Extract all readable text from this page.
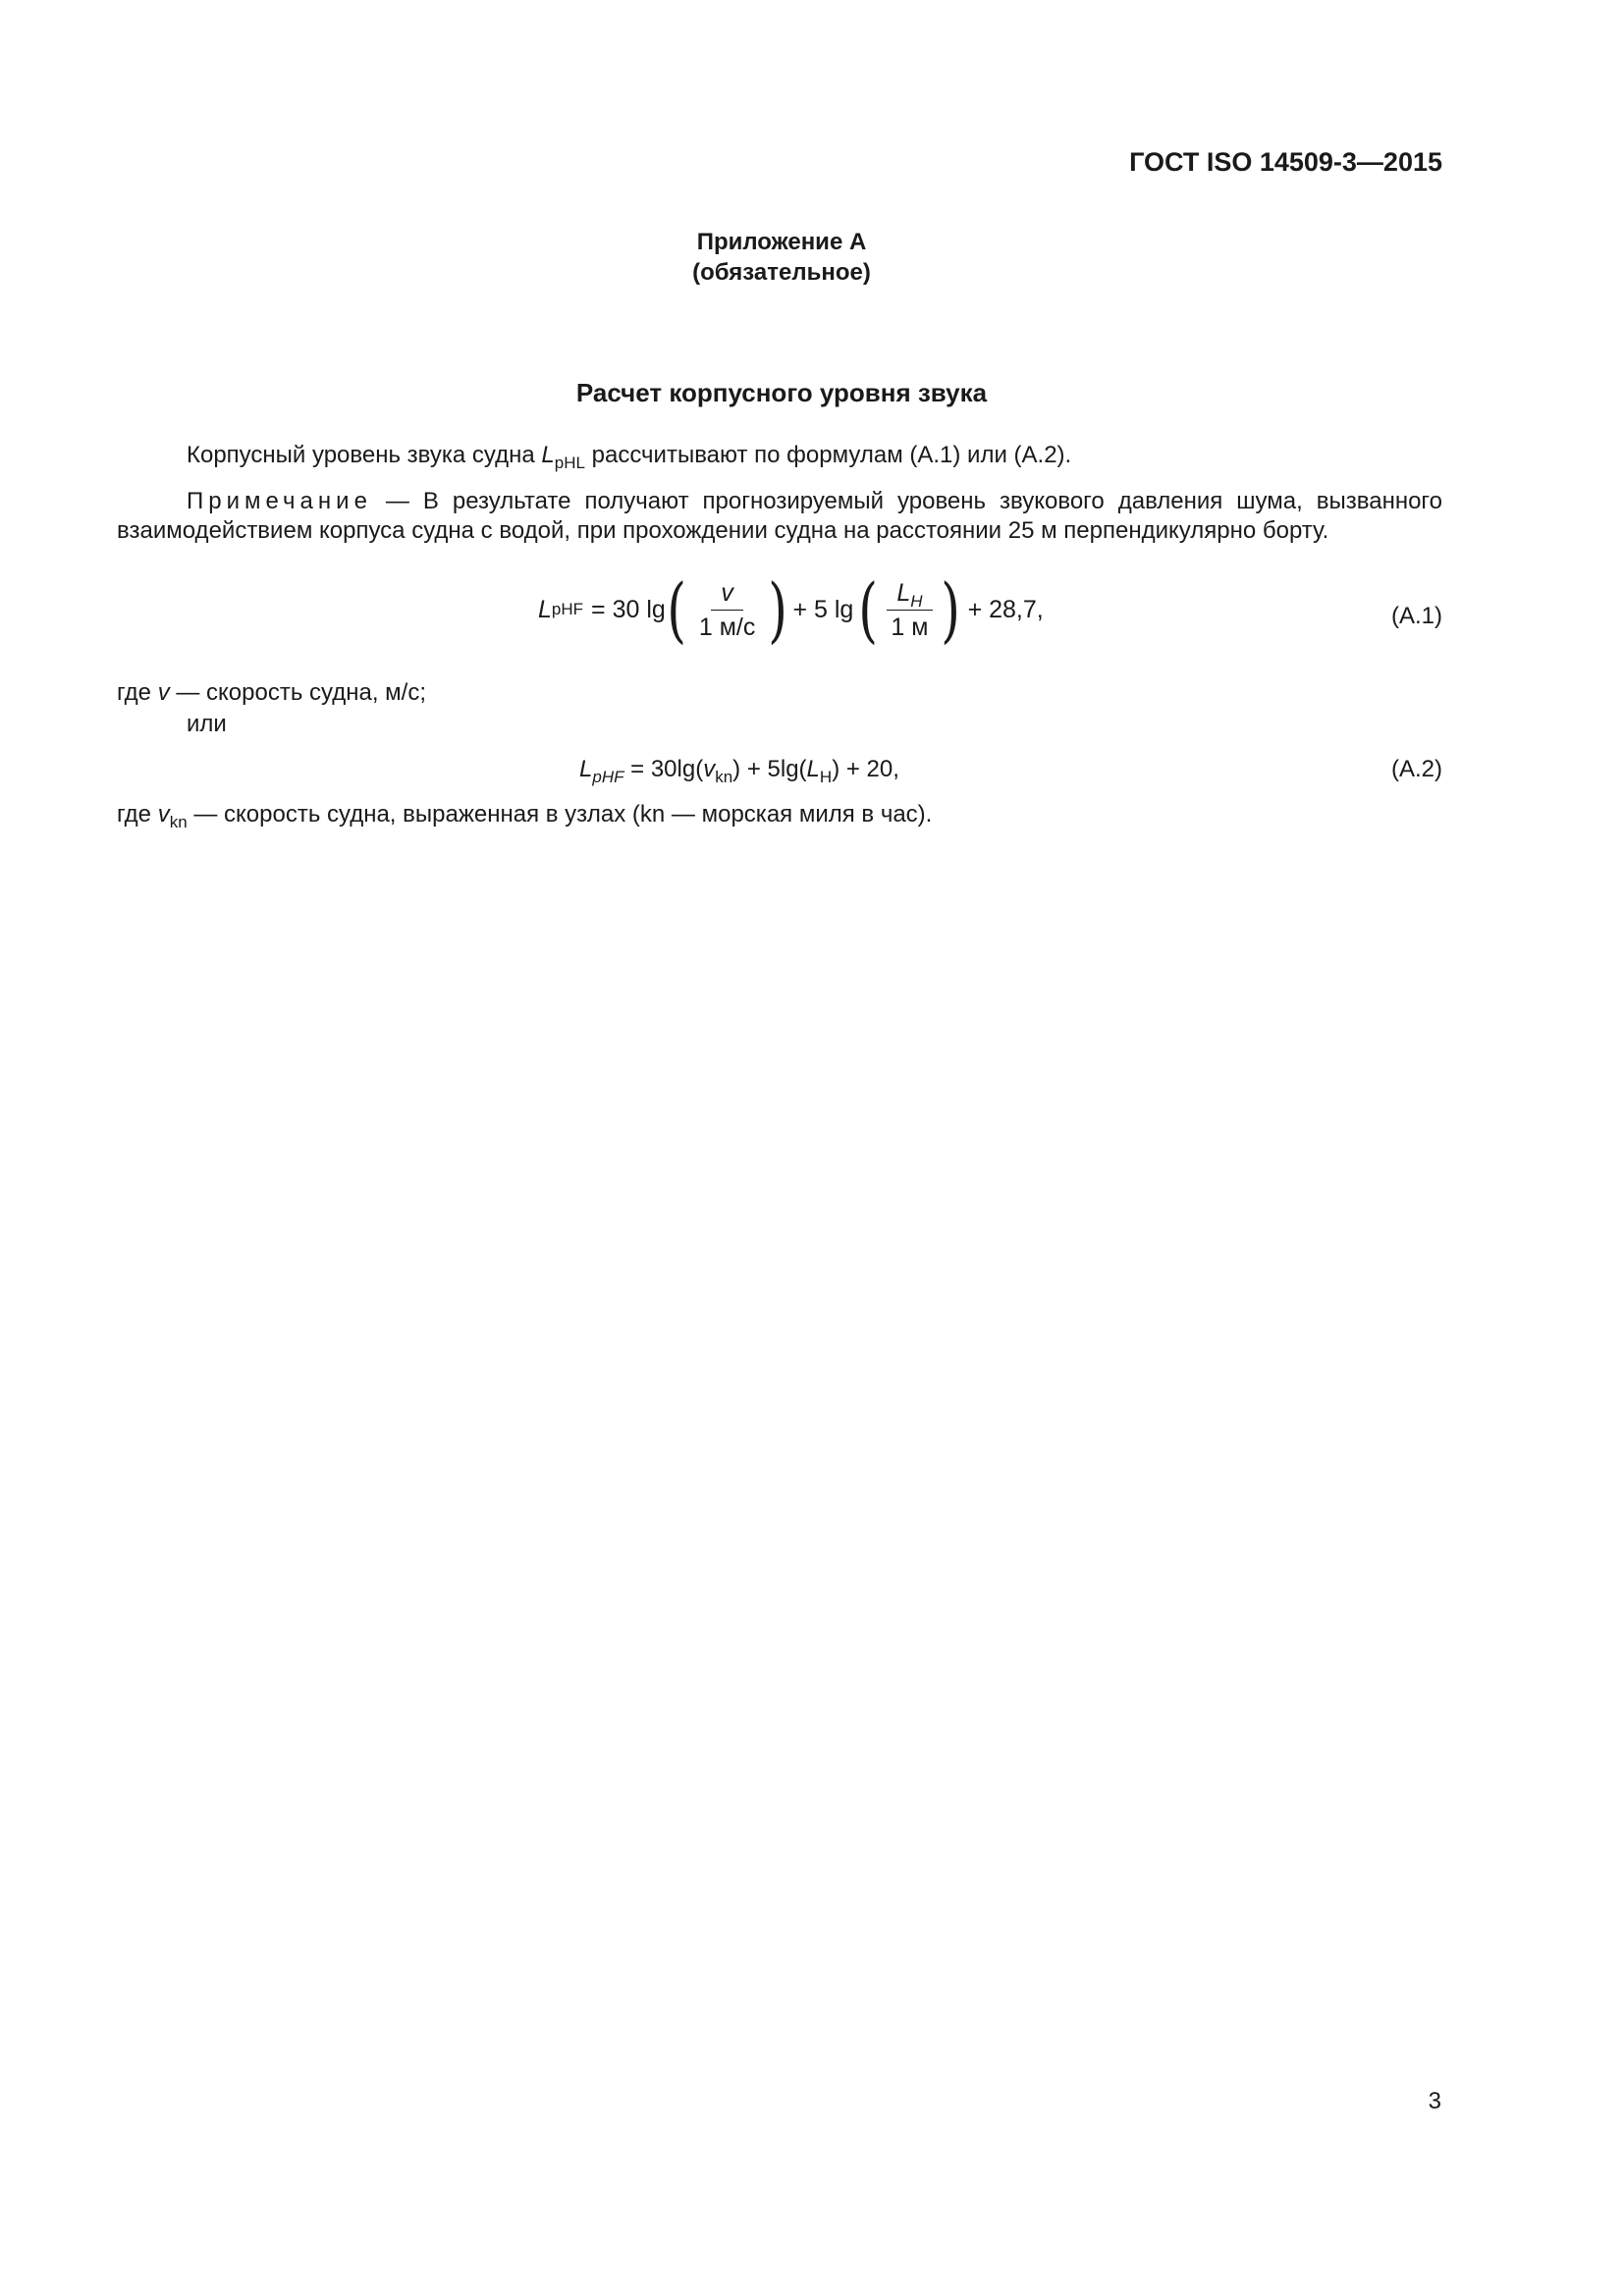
ГОСТ ISO 14509-3—2015
Приложение А
(обязательное)
Расчет корпусного уровня звука
Корпусный уровень звука судна $L_{pHL}$ рассчитывают по формулам (А.1) или (А.2).
Примечание — В результате получают прогнозируемый уровень звукового давления шума, вызванного
взаимодействием корпуса судна с водой, при прохождении судна на расстоянии 25 м перпендикулярно борту.
L pHF = 30 lg ( $\frac{v}{1 м/с}$ ) + 5 lg ( $\frac{L_H}{1 м}$ ) + 28,7,	(А.1)
где v — скорость судна, м/с;
или
$L_{pHF} = 30\lg(v_{kn}) + 5\lg(L_H) + 20$,	(А.2)
где $v_{kn}$ — скорость судна, выраженная в узлах (kn — морская миля в час).
3
